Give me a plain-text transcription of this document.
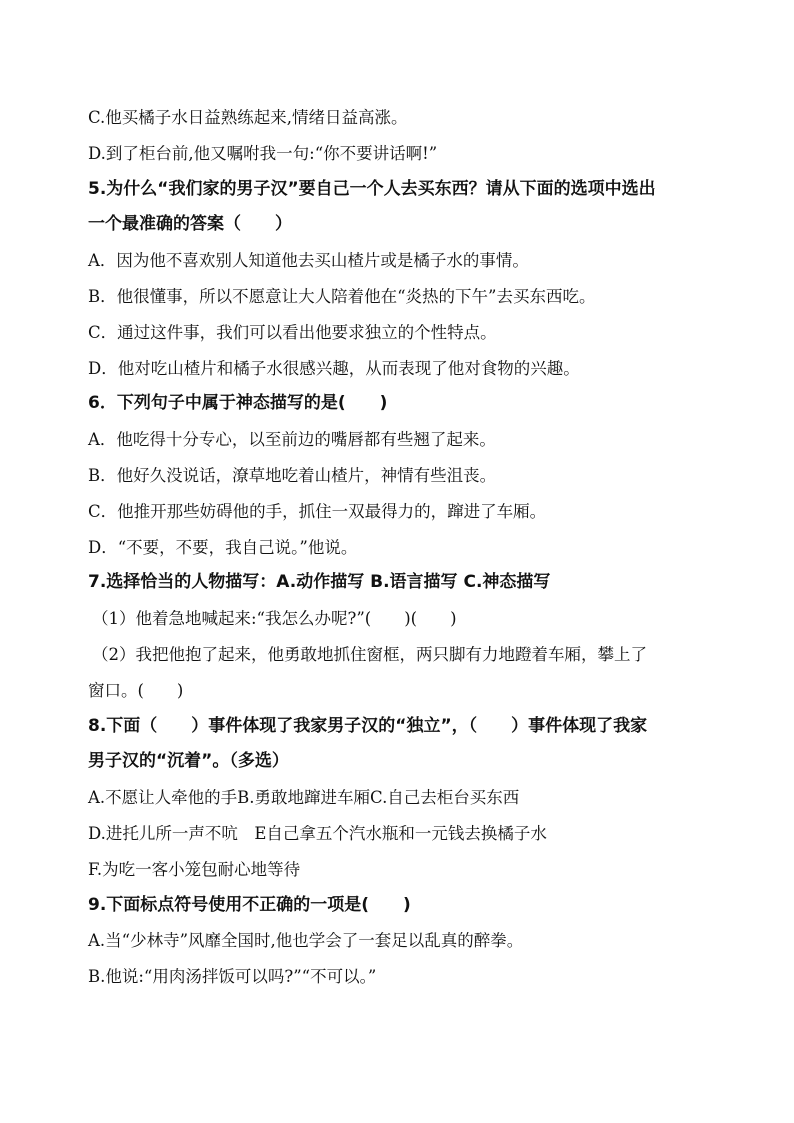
C.他买橘子水日益熟练起来,情绪日益高涨。
D.到了柜台前,他又嘱咐我一句:“你不要讲话啊!”
5.为什么“我们家的男子汉”要自己一个人去买东西？请从下面的选项中选出
一个最准确的答案（　　）
A．因为他不喜欢别人知道他去买山楂片或是橘子水的事情。
B．他很懂事，所以不愿意让大人陪着他在“炎热的下午”去买东西吃。
C．通过这件事，我们可以看出他要求独立的个性特点。
D．他对吃山楂片和橘子水很感兴趣，从而表现了他对食物的兴趣。
6．下列句子中属于神态描写的是(　　)
A．他吃得十分专心，以至前边的嘴唇都有些翘了起来。
B．他好久没说话，潦草地吃着山楂片，神情有些沮丧。
C．他推开那些妨碍他的手，抓住一双最得力的，蹿进了车厢。
D．“不要，不要，我自己说。”他说。
7.选择恰当的人物描写：A.动作描写 B.语言描写 C.神态描写
（1）他着急地喊起来:“我怎么办呢?”(　　)(　　)
（2）我把他抱了起来，他勇敢地抓住窗框，两只脚有力地蹬着车厢，攀上了
窗口。(　　)
8.下面（　　）事件体现了我家男子汉的“独立”，（　　）事件体现了我家
男子汉的“沉着”。（多选）
A.不愿让人牵他的手B.勇敢地蹿进车厢C.自己去柜台买东西
D.进托儿所一声不吭　E自己拿五个汽水瓶和一元钱去换橘子水
F.为吃一客小笼包耐心地等待
9.下面标点符号使用不正确的一项是(　　)
A.当“少林寺”风靡全国时,他也学会了一套足以乱真的醉拳。
B.他说:“用肉汤拌饭可以吗?”“不可以。”
